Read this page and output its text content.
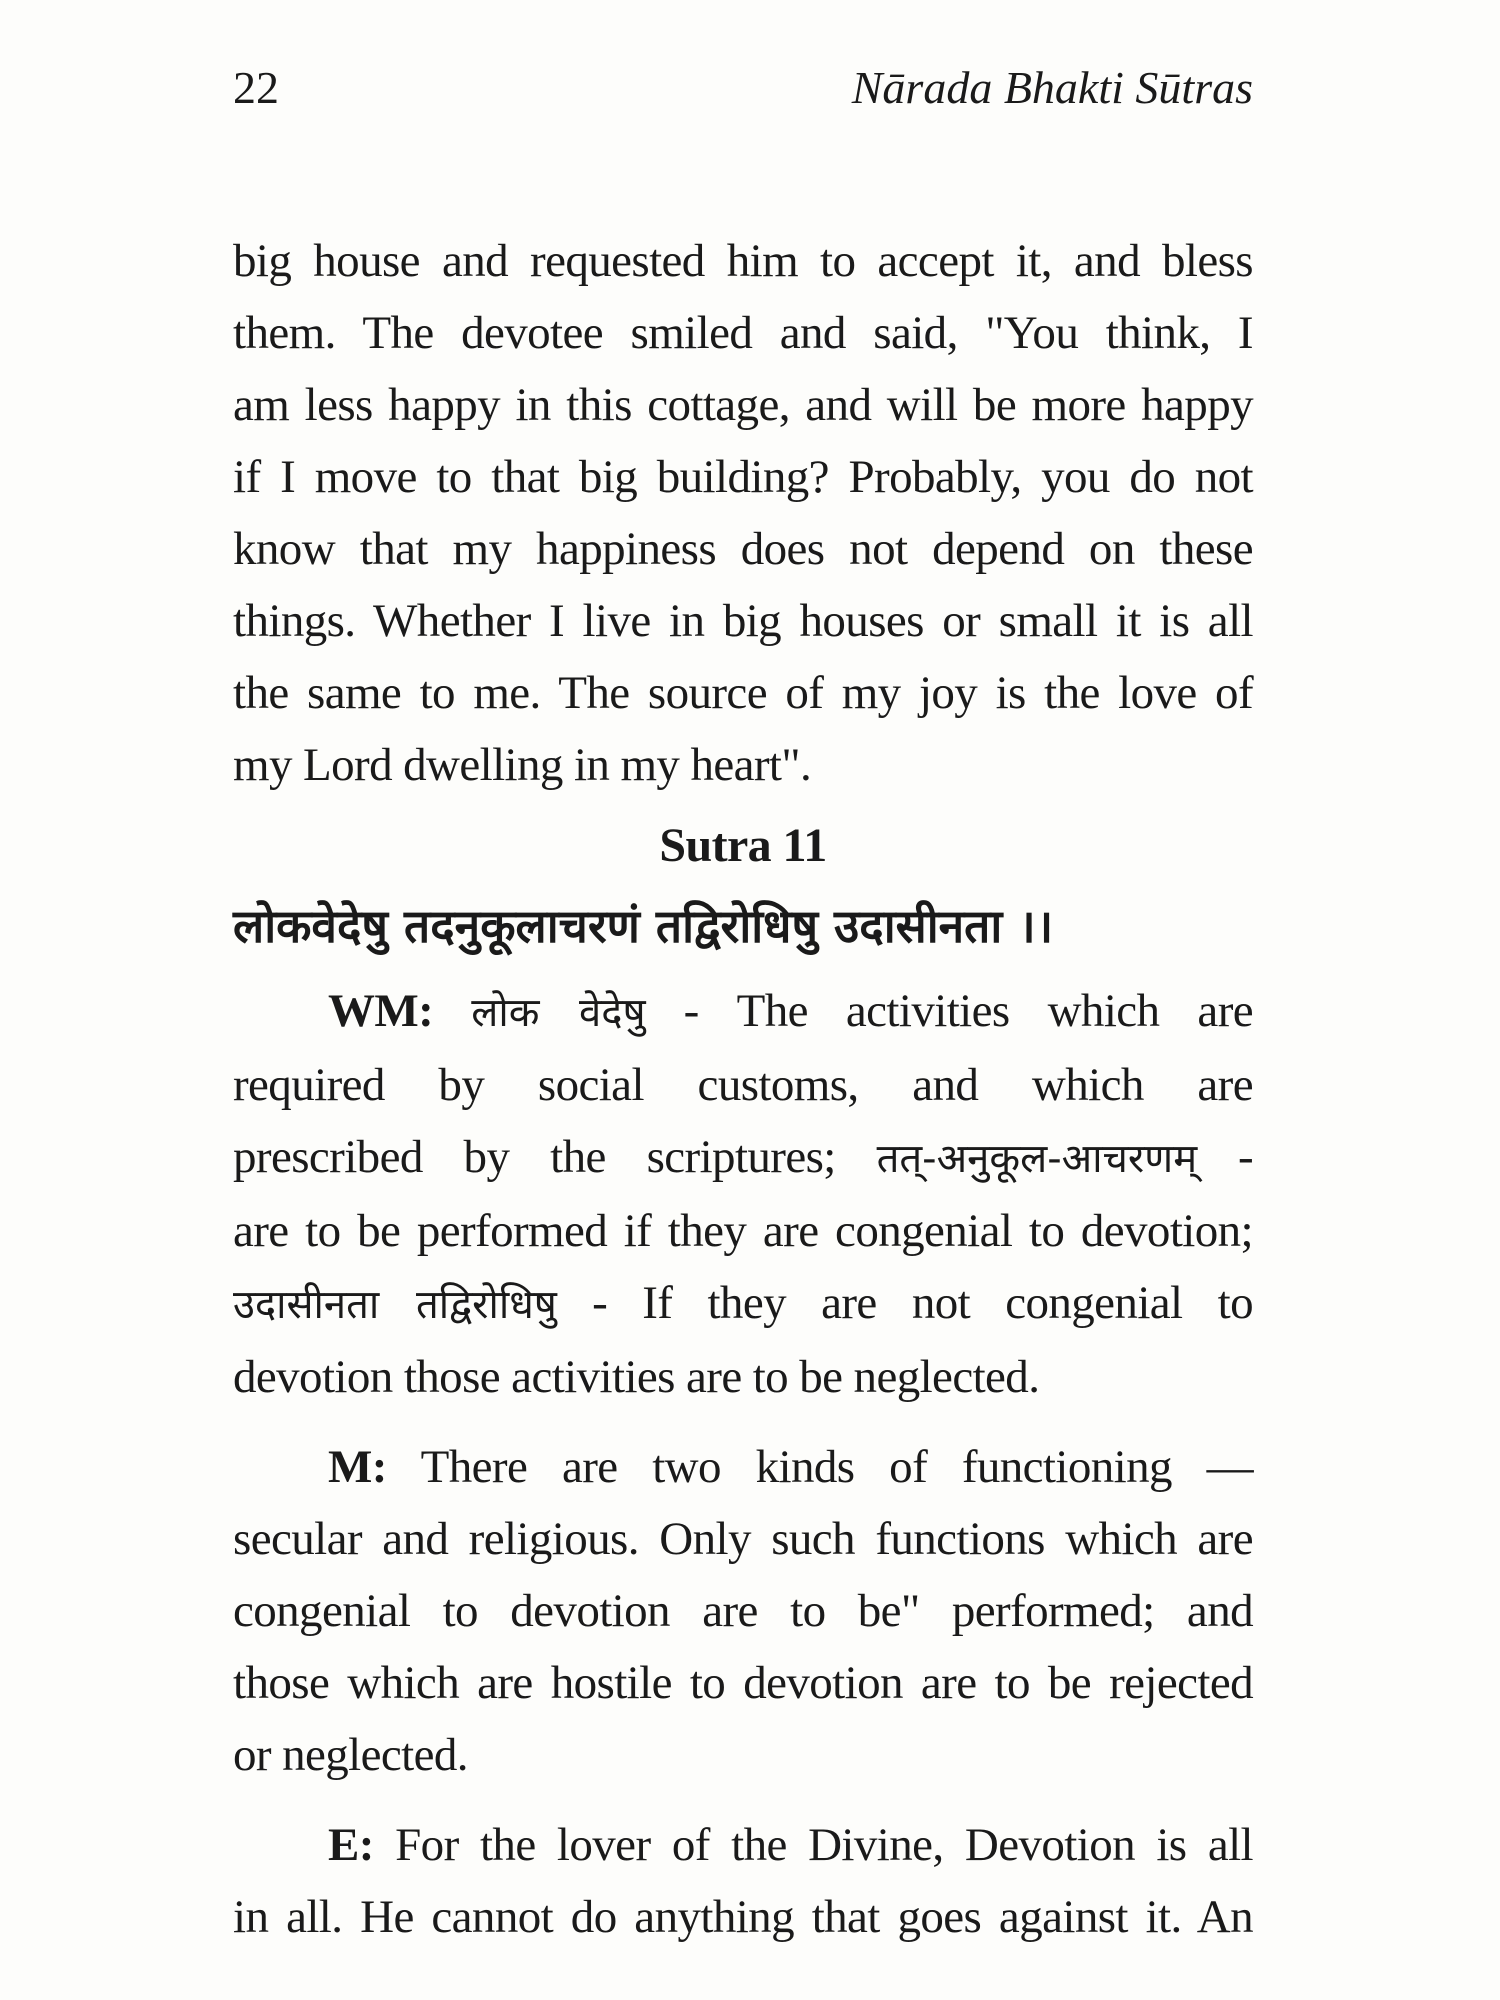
22	Nārada Bhakti Sūtras

big house and requested him to accept it, and bless
them. The devotee smiled and said, "You think, I
am less happy in this cottage, and will be more happy
if I move to that big building? Probably, you do not
know that my happiness does not depend on these
things. Whether I live in big houses or small it is all
the same to me. The source of my joy is the love of
my Lord dwelling in my heart".

Sutra 11
लोकवेदेषु तदनुकूलाचरणं तद्विरोधिषु उदासीनता ।।

WM: लोक वेदेषु - The activities which are
required by social customs, and which are
prescribed by the scriptures; तत्-अनुकूल-आचरणम् -
are to be performed if they are congenial to devotion;
उदासीनता तद्विरोधिषु - If they are not congenial to
devotion those activities are to be neglected.

M: There are two kinds of functioning —
secular and religious. Only such functions which are
congenial to devotion are to be" performed; and
those which are hostile to devotion are to be rejected
or neglected.

E: For the lover of the Divine, Devotion is all
in all. He cannot do anything that goes against it. An
